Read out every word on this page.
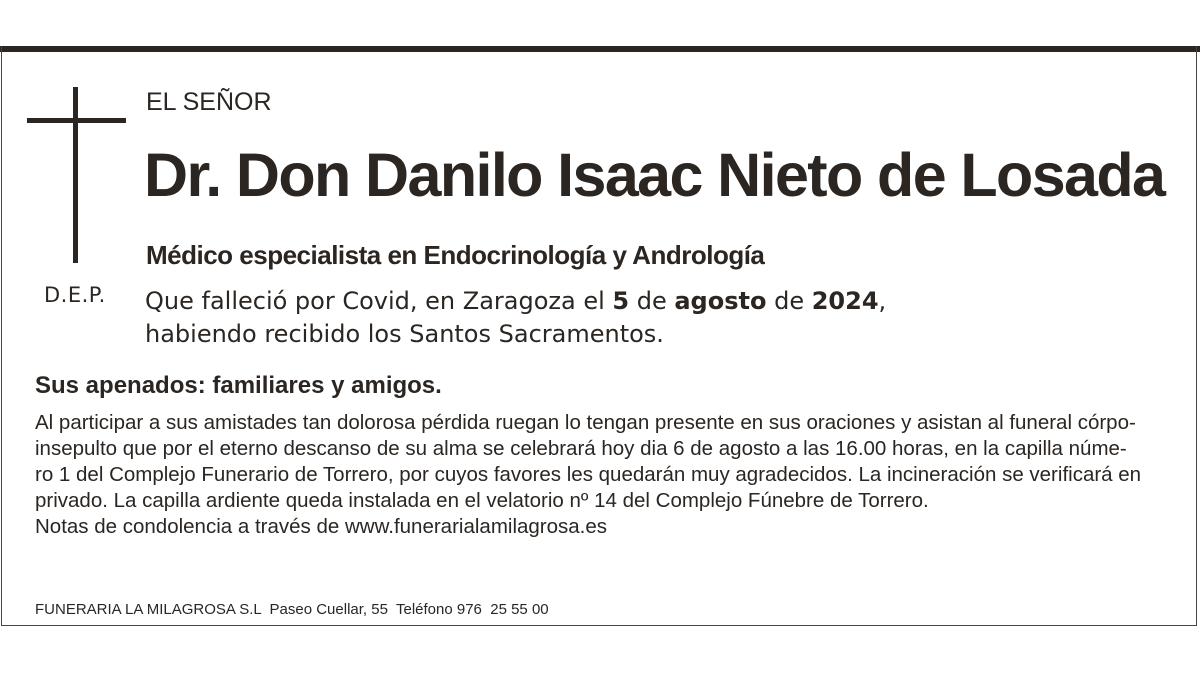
D.E.P.
EL SEÑOR
Dr. Don Danilo Isaac Nieto de Losada
Médico especialista en Endocrinología y Andrología
Que falleció por Covid, en Zaragoza el 5 de agosto de 2024,
habiendo recibido los Santos Sacramentos.
Sus apenados: familiares y amigos.
Al participar a sus amistades tan dolorosa pérdida ruegan lo tengan presente en sus oraciones y asistan al funeral córpo-
insepulto que por el eterno descanso de su alma se celebrará hoy dia 6 de agosto a las 16.00 horas, en la capilla núme-
ro 1 del Complejo Funerario de Torrero, por cuyos favores les quedarán muy agradecidos. La incineración se verificará en
privado. La capilla ardiente queda instalada en el velatorio nº 14 del Complejo Fúnebre de Torrero.
Notas de condolencia a través de www.funerarialamilagrosa.es
FUNERARIA LA MILAGROSA S.L  Paseo Cuellar, 55  Teléfono 976  25 55 00
